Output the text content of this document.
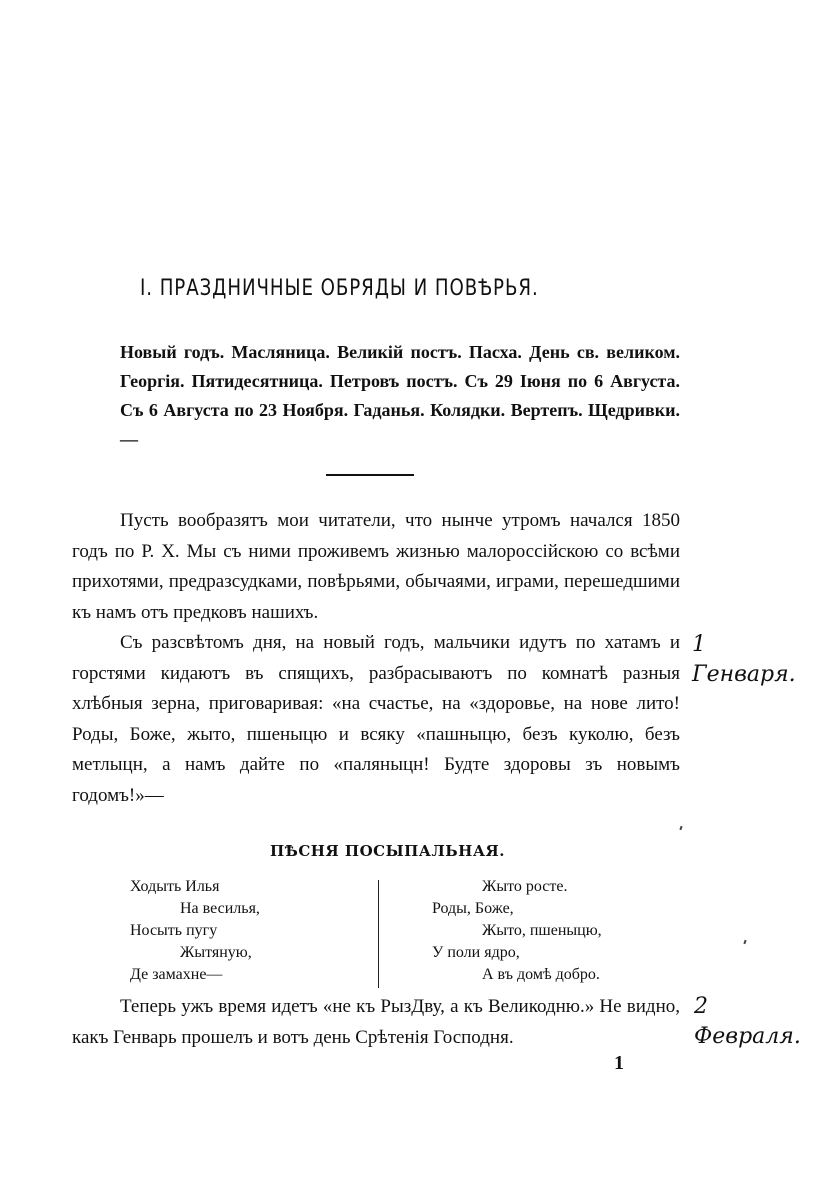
I. ПРАЗДНИЧНЫЕ ОБРЯДЫ И ПОВѢРЬЯ.
Новый годъ. Масляница. Великій постъ. Пасха. День св. великом. Георгія. Пятидесятница. Петровъ постъ. Съ 29 Іюня по 6 Августа. Съ 6 Августа по 23 Ноября. Гаданья. Колядки. Вертепъ. Щедривки.—

Пусть вообразятъ мои читатели, что нынче утромъ начался 1850 годъ по Р. Х. Мы съ ними проживемъ жизнью малороссійскою со всѣми прихотями, предразсудками, повѣрьями, обычаями, играми, перешедшими къ намъ отъ предковъ нашихъ.

Съ разсвѣтомъ дня, на новый годъ, мальчики идутъ по хатамъ и горстями кидаютъ въ спящихъ, разбрасываютъ по комнатѣ разныя хлѣбныя зерна, приговаривая: «на счастье, на «здоровье, на нове лито! Роды, Боже, жыто, пшеныцю и всяку «пашныцю, безъ куколю, безъ метлыцн, а намъ дайте по «паляныцн! Будте здоровы зъ новымъ годомъ!»—

1 Генваря.
ПѢСНЯ ПОСЫПАЛЬНАЯ.
Ходыть Илья
На весилья,
Носыть пугу
Жытяную,
Де замахне—
Жыто росте.
Роды, Боже,
Жыто, пшеныцю,
У поли ядро,
А въ домѣ добро.

Теперь ужъ время идетъ «не къ РызДву, а къ Великодню.» Не видно, какъ Генварь прошелъ и вотъ день Срѣтенія Господня.

2 Февраля.
1
